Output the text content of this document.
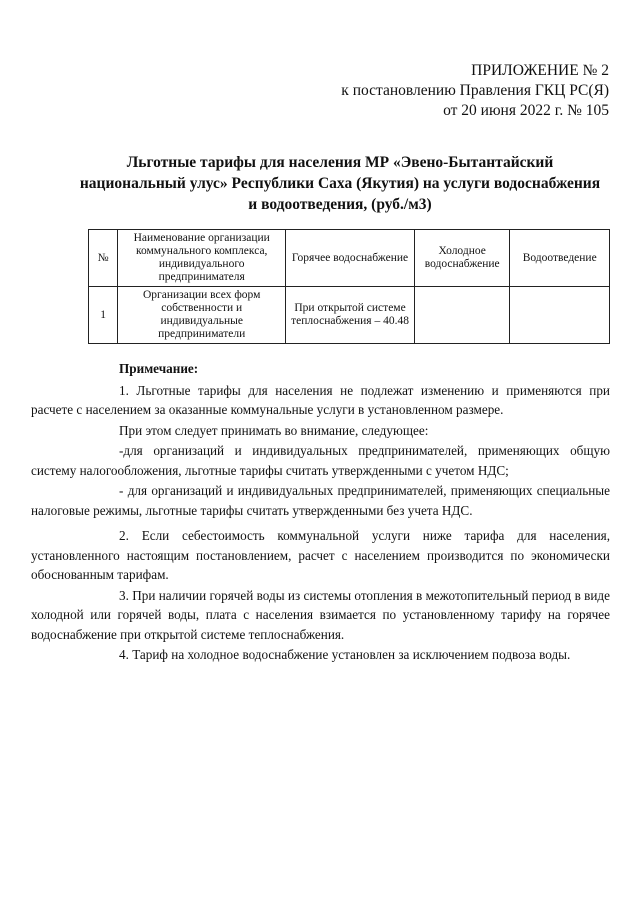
ПРИЛОЖЕНИЕ № 2
к постановлению Правления ГКЦ РС(Я)
от 20 июня 2022 г. № 105
Льготные тарифы для населения МР «Эвено-Бытантайский
национальный улус» Республики Саха (Якутия) на услуги водоснабжения
и водоотведения, (руб./м3)
№	Наименование организации коммунального комплекса, индивидуального предпринимателя	Горячее водоснабжение	Холодное водоснабжение	Водоотведение
1	Организации всех форм собственности и индивидуальные предприниматели	При открытой системе теплоснабжения – 40.48		

Примечание:

1. Льготные тарифы для населения не подлежат изменению и применяются при расчете с населением за оказанные коммунальные услуги в установленном размере.

При этом следует принимать во внимание, следующее:

-для организаций и индивидуальных предпринимателей, применяющих общую систему налогообложения, льготные тарифы считать утвержденными с учетом НДС;

- для организаций и индивидуальных предпринимателей, применяющих специальные налоговые режимы, льготные тарифы считать утвержденными без учета НДС.

2. Если себестоимость коммунальной услуги ниже тарифа для населения, установленного настоящим постановлением, расчет с населением производится по экономически обоснованным тарифам.

3. При наличии горячей воды из системы отопления в межотопительный период в виде холодной или горячей воды, плата с населения взимается по установленному тарифу на горячее водоснабжение при открытой системе теплоснабжения.

4. Тариф на холодное водоснабжение установлен за исключением подвоза воды.
